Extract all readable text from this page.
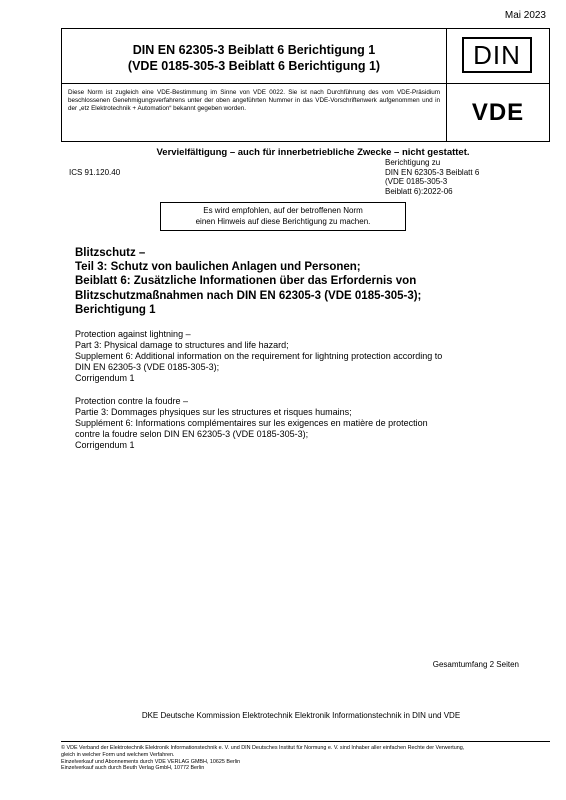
Mai 2023
DIN EN 62305-3 Beiblatt 6 Berichtigung 1
(VDE 0185-305-3 Beiblatt 6 Berichtigung 1)	DIN
Diese Norm ist zugleich eine VDE-Bestimmung im Sinne von VDE 0022. Sie ist nach Durchführung des vom VDE-Präsidium beschlossenen Genehmigungsverfahrens unter der oben angeführten Nummer in das VDE-Vorschriftenwerk aufgenommen und in der „etz Elektrotechnik + Automation“ bekannt gegeben worden.	VDE
Vervielfältigung – auch für innerbetriebliche Zwecke – nicht gestattet.
ICS 91.120.40
Berichtigung zu
DIN EN 62305-3 Beiblatt 6
(VDE 0185-305-3
Beiblatt 6):2022-06
Es wird empfohlen, auf der betroffenen Norm
einen Hinweis auf diese Berichtigung zu machen.
Blitzschutz –
Teil 3: Schutz von baulichen Anlagen und Personen;
Beiblatt 6: Zusätzliche Informationen über das Erfordernis von
Blitzschutzmaßnahmen nach DIN EN 62305-3 (VDE 0185-305-3);
Berichtigung 1
Protection against lightning –
Part 3: Physical damage to structures and life hazard;
Supplement 6: Additional information on the requirement for lightning protection according to
DIN EN 62305-3 (VDE 0185-305-3);
Corrigendum 1
Protection contre la foudre –
Partie 3: Dommages physiques sur les structures et risques humains;
Supplément 6: Informations complémentaires sur les exigences en matière de protection
contre la foudre selon DIN EN 62305-3 (VDE 0185-305-3);
Corrigendum 1
Gesamtumfang 2 Seiten
DKE Deutsche Kommission Elektrotechnik Elektronik Informationstechnik in DIN und VDE
© VDE Verband der Elektrotechnik Elektronik Informationstechnik e. V. und DIN Deutsches Institut für Normung e. V. sind Inhaber aller einfachen Rechte der Verwertung,
gleich in welcher Form und welchem Verfahren.
Einzelverkauf und Abonnements durch VDE VERLAG GMBH, 10625 Berlin
Einzelverkauf auch durch Beuth Verlag GmbH, 10772 Berlin
